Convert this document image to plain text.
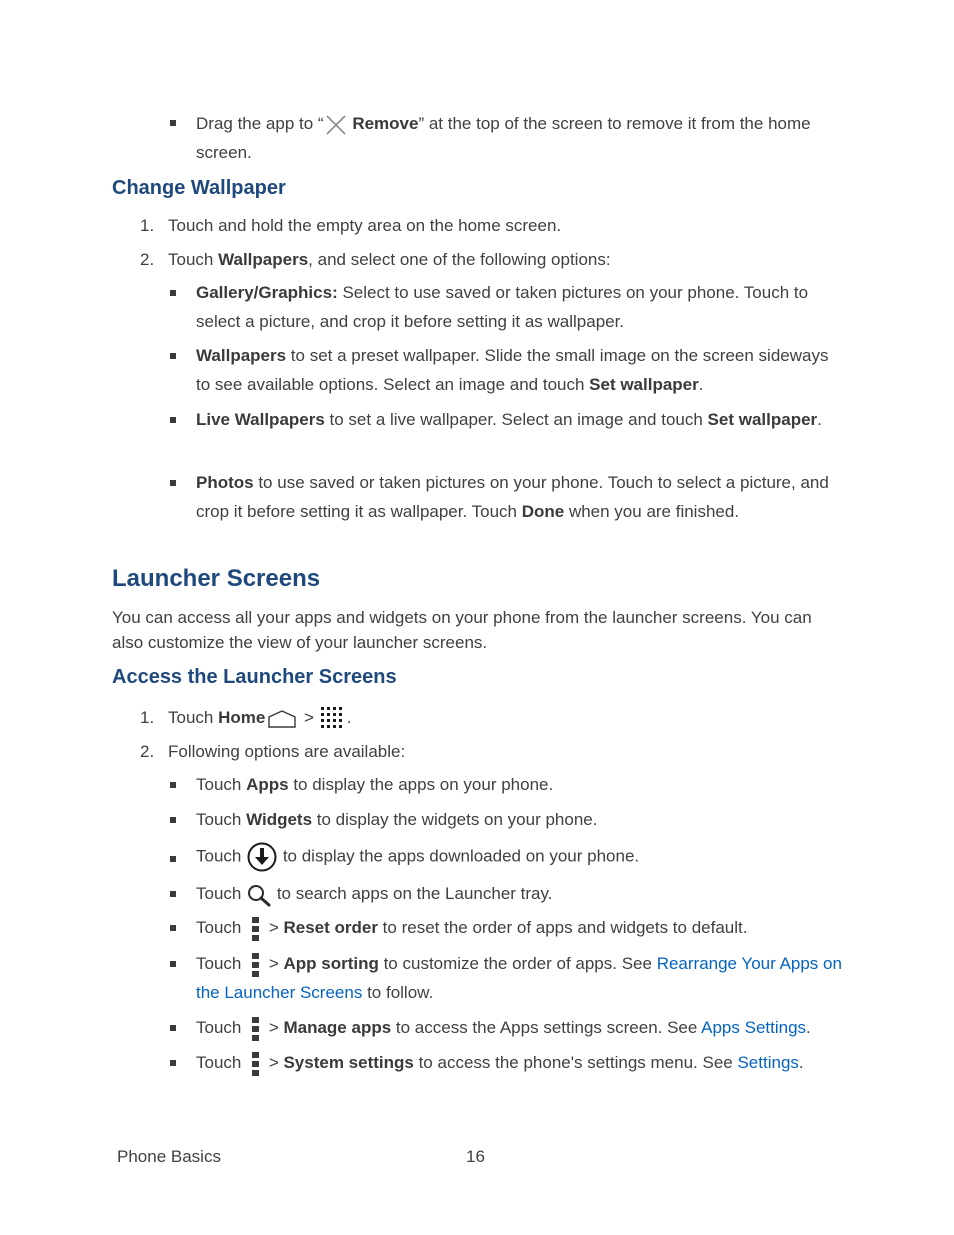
Drag the app to “ Remove” at the top of the screen to remove it from the home screen.
Change Wallpaper
1. Touch and hold the empty area on the home screen.
2. Touch Wallpapers, and select one of the following options:
Gallery/Graphics: Select to use saved or taken pictures on your phone. Touch to select a picture, and crop it before setting it as wallpaper.
Wallpapers to set a preset wallpaper. Slide the small image on the screen sideways to see available options. Select an image and touch Set wallpaper.
Live Wallpapers to set a live wallpaper. Select an image and touch Set wallpaper.
Photos to use saved or taken pictures on your phone. Touch to select a picture, and crop it before setting it as wallpaper. Touch Done when you are finished.
Launcher Screens
You can access all your apps and widgets on your phone from the launcher screens. You can also customize the view of your launcher screens.
Access the Launcher Screens
1. Touch Home
>
.
2. Following options are available:
Touch Apps to display the apps on your phone.
Touch Widgets to display the widgets on your phone.
Touch
to display the apps downloaded on your phone.
Touch
to search apps on the Launcher tray.
Touch
> Reset order to reset the order of apps and widgets to default.
Touch
> App sorting to customize the order of apps. See Rearrange Your Apps on the Launcher Screens to follow.
Touch
> Manage apps to access the Apps settings screen. See Apps Settings.
Touch
> System settings to access the phone's settings menu. See Settings.
Phone Basics	16
